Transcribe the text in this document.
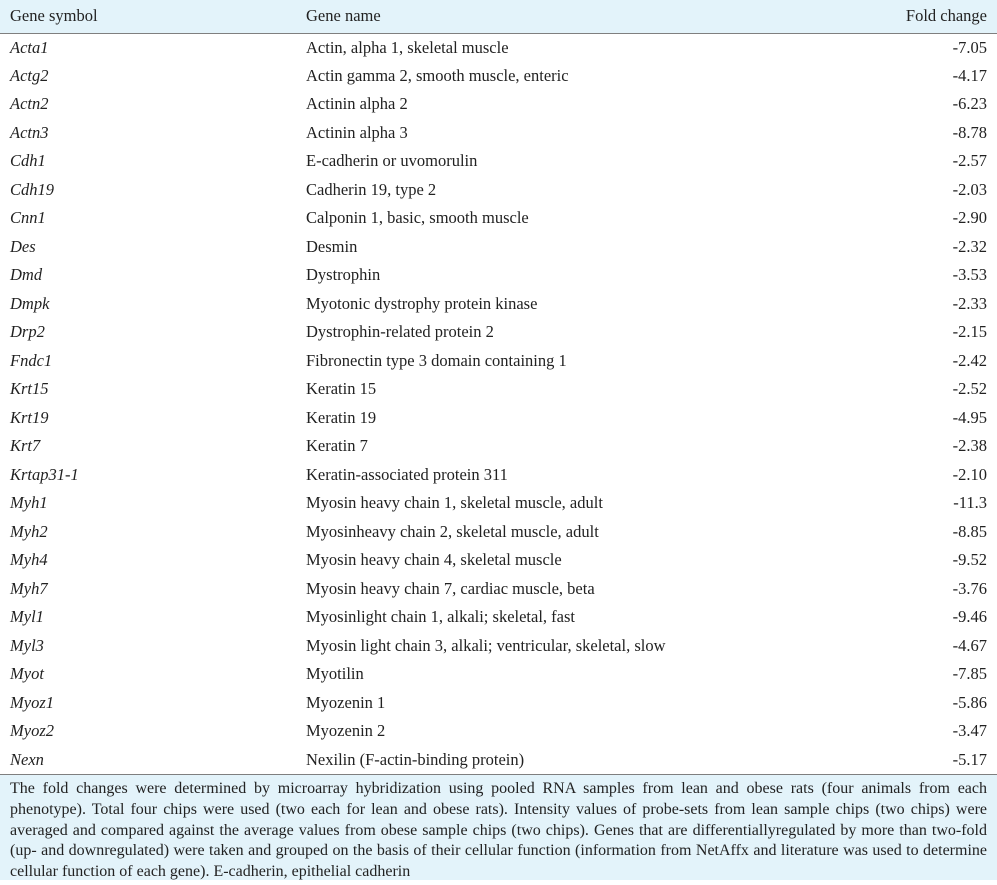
Gene symbol	Gene name	Fold change
Acta1	Actin, alpha 1, skeletal muscle	-7.05
Actg2	Actin gamma 2, smooth muscle, enteric	-4.17
Actn2	Actinin alpha 2	-6.23
Actn3	Actinin alpha 3	-8.78
Cdh1	E-cadherin or uvomorulin	-2.57
Cdh19	Cadherin 19, type 2	-2.03
Cnn1	Calponin 1, basic, smooth muscle	-2.90
Des	Desmin	-2.32
Dmd	Dystrophin	-3.53
Dmpk	Myotonic dystrophy protein kinase	-2.33
Drp2	Dystrophin-related protein 2	-2.15
Fndc1	Fibronectin type 3 domain containing 1	-2.42
Krt15	Keratin 15	-2.52
Krt19	Keratin 19	-4.95
Krt7	Keratin 7	-2.38
Krtap31-1	Keratin-associated protein 311	-2.10
Myh1	Myosin heavy chain 1, skeletal muscle, adult	-11.3
Myh2	Myosinheavy chain 2, skeletal muscle, adult	-8.85
Myh4	Myosin heavy chain 4, skeletal muscle	-9.52
Myh7	Myosin heavy chain 7, cardiac muscle, beta	-3.76
Myl1	Myosinlight chain 1, alkali; skeletal, fast	-9.46
Myl3	Myosin light chain 3, alkali; ventricular, skeletal, slow	-4.67
Myot	Myotilin	-7.85
Myoz1	Myozenin 1	-5.86
Myoz2	Myozenin 2	-3.47
Nexn	Nexilin (F-actin-binding protein)	-5.17
The fold changes were determined by microarray hybridization using pooled RNA samples from lean and obese rats (four animals from each phenotype). Total four chips were used (two each for lean and obese rats). Intensity values of probe-sets from lean sample chips (two chips) were averaged and compared against the average values from obese sample chips (two chips). Genes that are differentiallyregulated by more than two-fold (up- and downregulated) were taken and grouped on the basis of their cellular function (information from NetAffx and literature was used to determine cellular function of each gene). E-cadherin, epithelial cadherin
